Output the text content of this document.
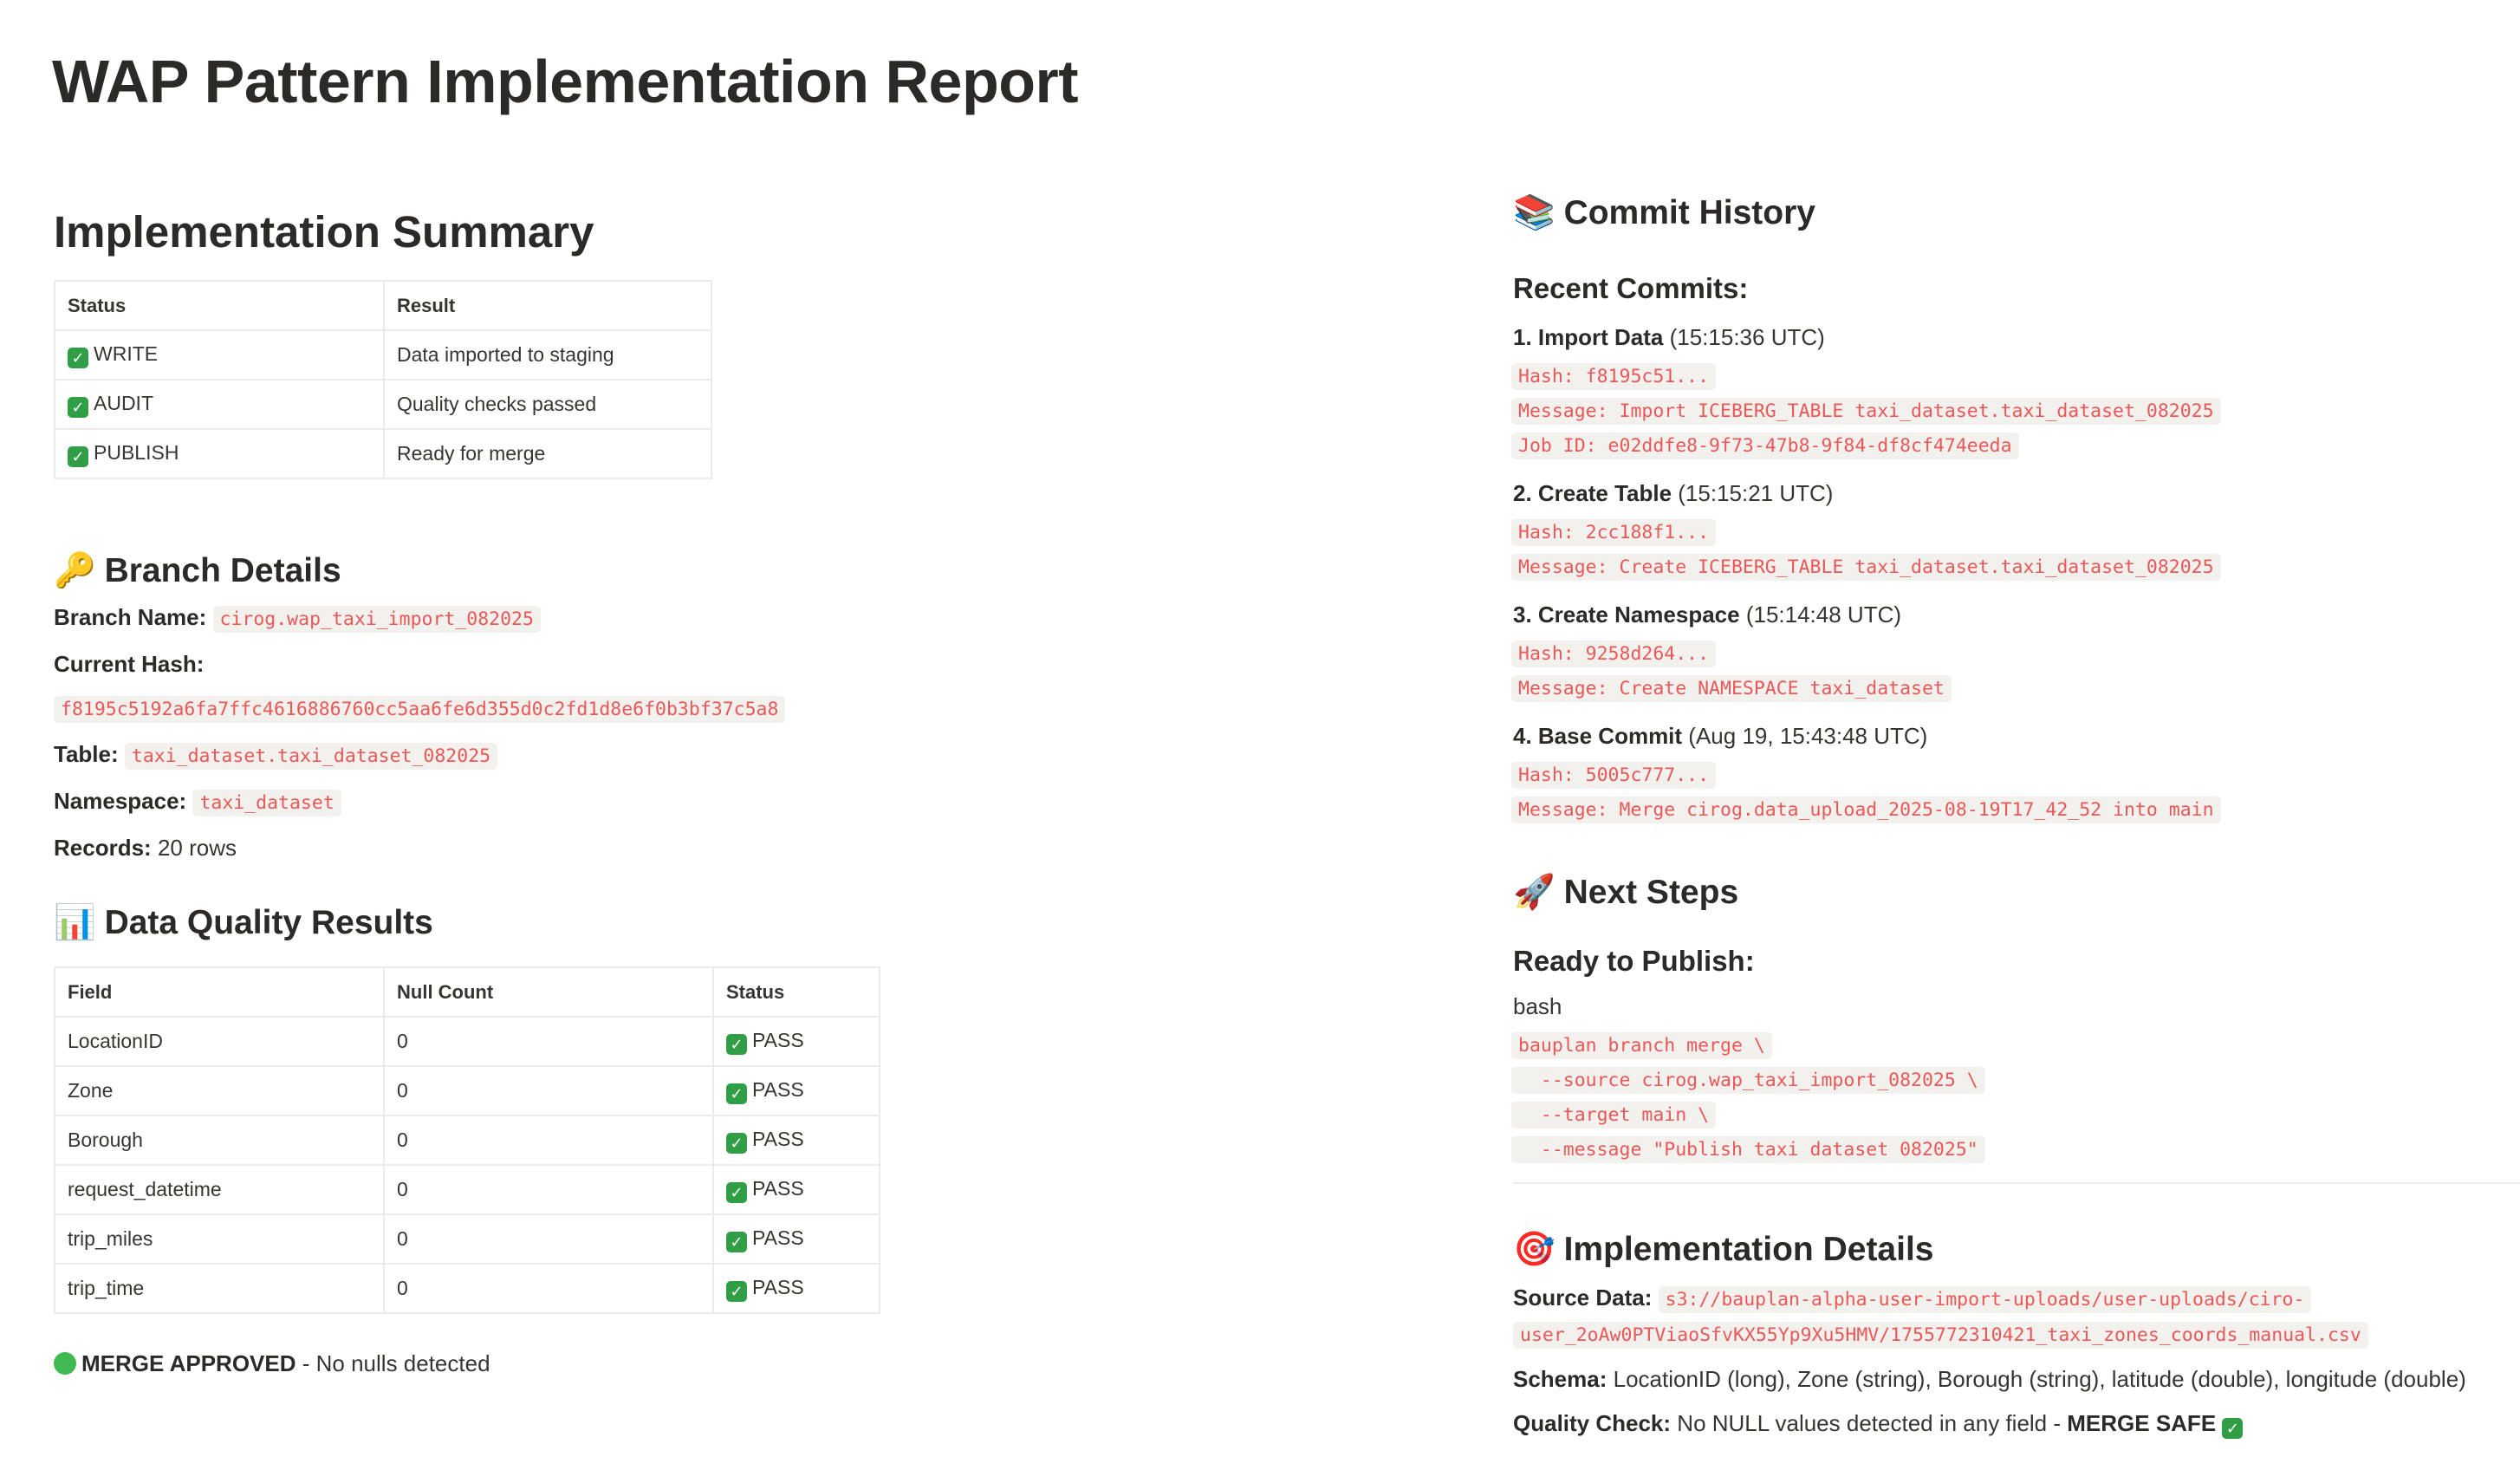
WAP Pattern Implementation Report
Implementation Summary
Status	Result
✓ WRITE	Data imported to staging
✓ AUDIT	Quality checks passed
✓ PUBLISH	Ready for merge
🔑 Branch Details
Branch Name: cirog.wap_taxi_import_082025
Current Hash:
f8195c5192a6fa7ffc4616886760cc5aa6fe6d355d0c2fd1d8e6f0b3bf37c5a8
Table: taxi_dataset.taxi_dataset_082025
Namespace: taxi_dataset
Records: 20 rows
📊 Data Quality Results
Field	Null Count	Status
LocationID	0	✓ PASS
Zone	0	✓ PASS
Borough	0	✓ PASS
request_datetime	0	✓ PASS
trip_miles	0	✓ PASS
trip_time	0	✓ PASS
MERGE APPROVED - No nulls detected
📚 Commit History
Recent Commits:
1. Import Data (15:15:36 UTC)
Hash: f8195c51...
Message: Import ICEBERG_TABLE taxi_dataset.taxi_dataset_082025
Job ID: e02ddfe8-9f73-47b8-9f84-df8cf474eeda
2. Create Table (15:15:21 UTC)
Hash: 2cc188f1...
Message: Create ICEBERG_TABLE taxi_dataset.taxi_dataset_082025
3. Create Namespace (15:14:48 UTC)
Hash: 9258d264...
Message: Create NAMESPACE taxi_dataset
4. Base Commit (Aug 19, 15:43:48 UTC)
Hash: 5005c777...
Message: Merge cirog.data_upload_2025-08-19T17_42_52 into main
🚀 Next Steps
Ready to Publish:
bash
bauplan branch merge \
--source cirog.wap_taxi_import_082025 \
--target main \
--message "Publish taxi dataset 082025"
🎯 Implementation Details
Source Data: s3://bauplan-alpha-user-import-uploads/user-uploads/ciro-
user_2oAw0PTViaoSfvKX55Yp9Xu5HMV/1755772310421_taxi_zones_coords_manual.csv
Schema: LocationID (long), Zone (string), Borough (string), latitude (double), longitude (double)
Quality Check: No NULL values detected in any field - MERGE SAFE ✓
